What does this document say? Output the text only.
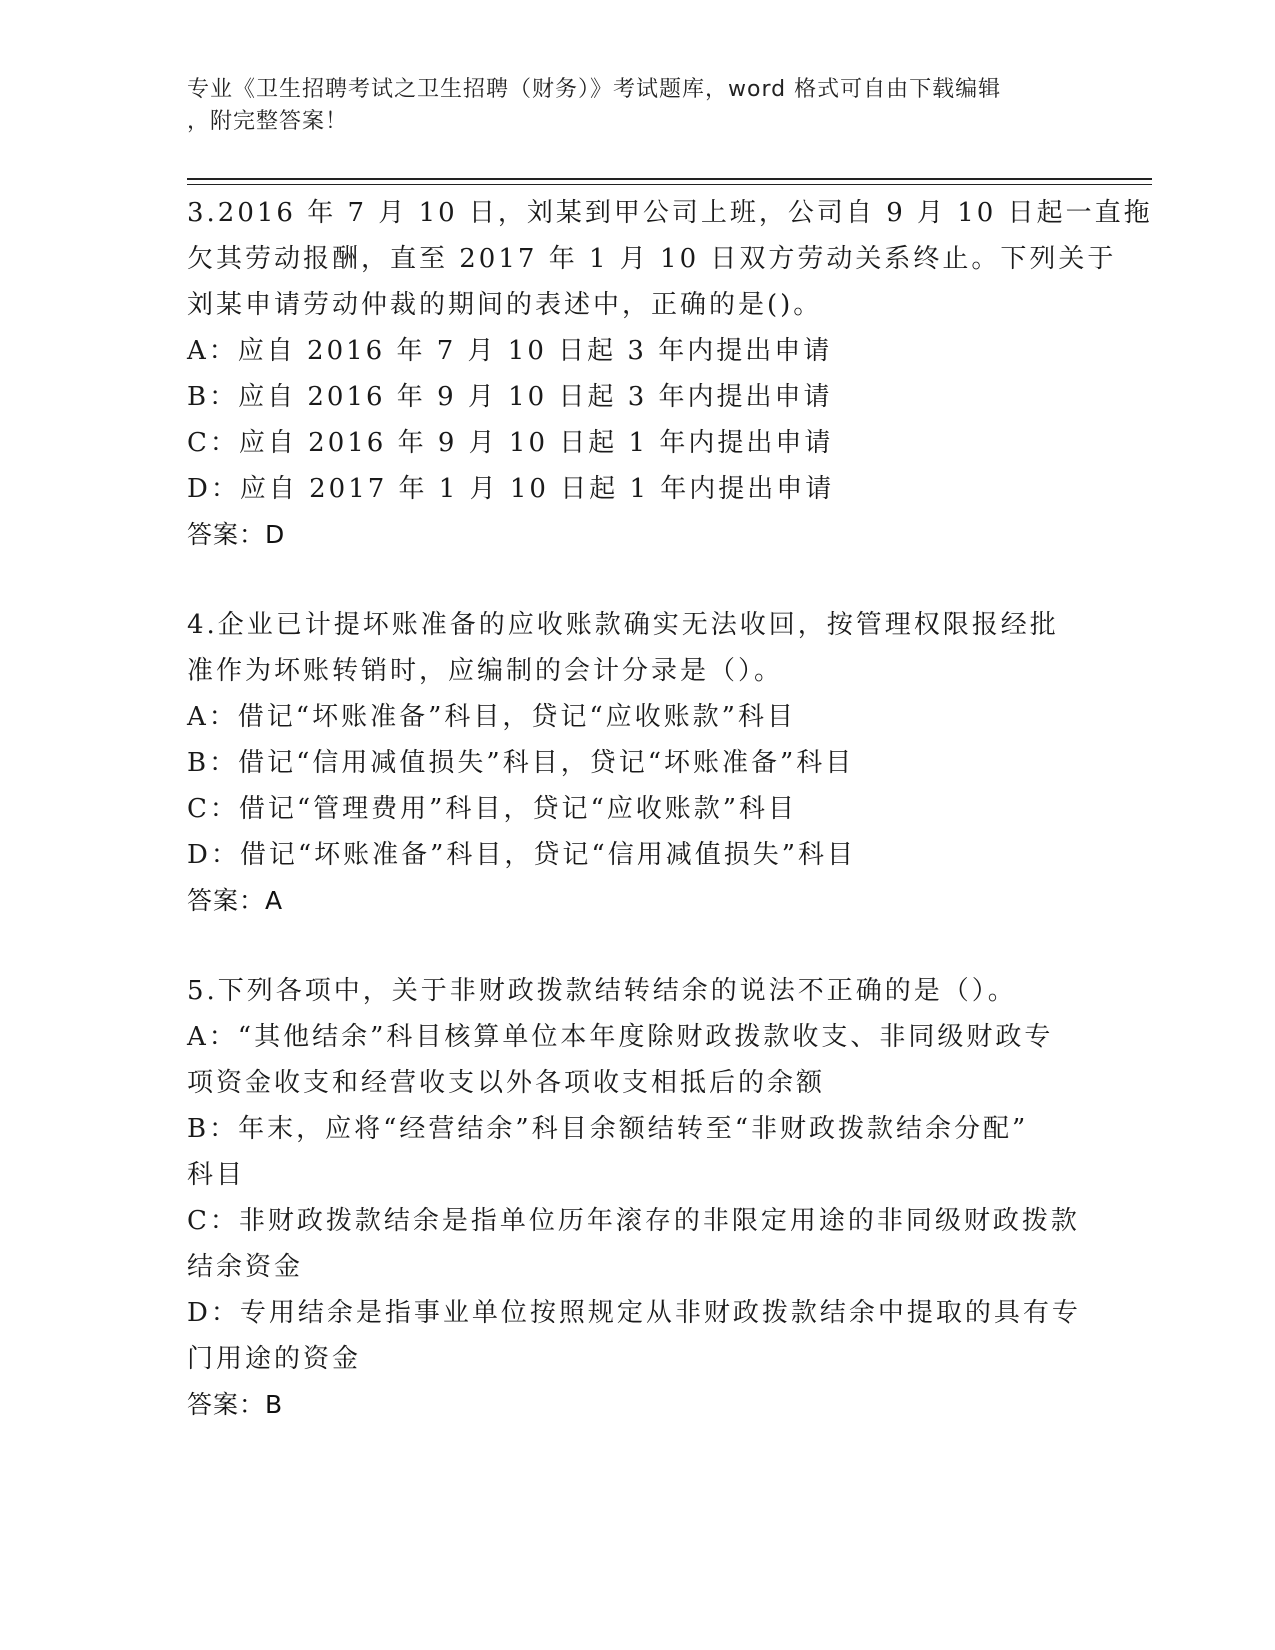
专业《卫生招聘考试之卫生招聘（财务）》考试题库，word 格式可自由下载编辑
，附完整答案！
3.2016 年 7 月 10 日，刘某到甲公司上班，公司自 9 月 10 日起一直拖
欠其劳动报酬，直至 2017 年 1 月 10 日双方劳动关系终止。下列关于
刘某申请劳动仲裁的期间的表述中，正确的是()。
A：应自 2016 年 7 月 10 日起 3 年内提出申请
B：应自 2016 年 9 月 10 日起 3 年内提出申请
C：应自 2016 年 9 月 10 日起 1 年内提出申请
D：应自 2017 年 1 月 10 日起 1 年内提出申请
答案：D
4.企业已计提坏账准备的应收账款确实无法收回，按管理权限报经批
准作为坏账转销时，应编制的会计分录是（）。
A：借记“坏账准备”科目，贷记“应收账款”科目
B：借记“信用减值损失”科目，贷记“坏账准备”科目
C：借记“管理费用”科目，贷记“应收账款”科目
D：借记“坏账准备”科目，贷记“信用减值损失”科目
答案：A
5.下列各项中，关于非财政拨款结转结余的说法不正确的是（）。
A：“其他结余”科目核算单位本年度除财政拨款收支、非同级财政专
项资金收支和经营收支以外各项收支相抵后的余额
B：年末，应将“经营结余”科目余额结转至“非财政拨款结余分配”
科目
C：非财政拨款结余是指单位历年滚存的非限定用途的非同级财政拨款
结余资金
D：专用结余是指事业单位按照规定从非财政拨款结余中提取的具有专
门用途的资金
答案：B
